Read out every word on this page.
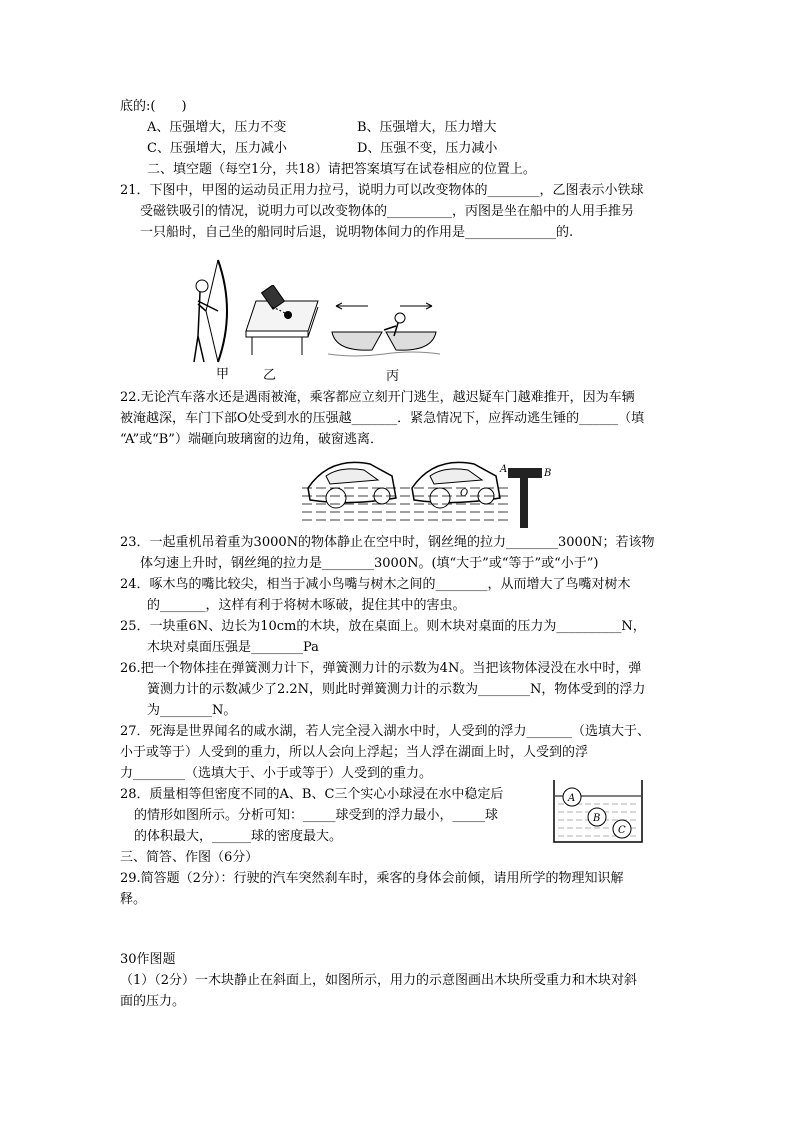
底的:(　　)
A、压强增大，压力不变	B、压强增大，压力增大
C、压强增大，压力减小	D、压强不变，压力减小
二、填空题（每空1分，共18）请把答案填写在试卷相应的位置上。
21．下图中，甲图的运动员正用力拉弓，说明力可以改变物体的________，乙图表示小铁球
受磁铁吸引的情况，说明力可以改变物体的__________，丙图是坐在船中的人用手推另
一只船时，自己坐的船同时后退，说明物体间力的作用是______________的.
甲	乙	丙
22.无论汽车落水还是遇雨被淹，乘客都应立刻开门逃生，越迟疑车门越难推开，因为车辆
被淹越深，车门下部O处受到水的压强越_______．紧急情况下，应挥动逃生锤的______（填
“A”或“B”）端砸向玻璃窗的边角，破窗逃离．
O
A	B
23．一起重机吊着重为3000N的物体静止在空中时，钢丝绳的拉力________3000N；若该物
体匀速上升时，钢丝绳的拉力是________3000N。(填“大于”或“等于”或“小于”)
24．啄木鸟的嘴比较尖，相当于减小鸟嘴与树木之间的________，从而增大了鸟嘴对树木
的_______，这样有利于将树木啄破，捉住其中的害虫。
25．一块重6N、边长为10cm的木块，放在桌面上。则木块对桌面的压力为__________N，
木块对桌面压强是________Pa
26.把一个物体挂在弹簧测力计下，弹簧测力计的示数为4N。当把该物体浸没在水中时，弹
簧测力计的示数减少了2.2N，则此时弹簧测力计的示数为________N，物体受到的浮力
为________N。
27．死海是世界闻名的咸水湖，若人完全浸入湖水中时，人受到的浮力_______（选填大于、
小于或等于）人受到的重力，所以人会向上浮起；当人浮在湖面上时，人受到的浮
力________（选填大于、小于或等于）人受到的重力。
28．质量相等但密度不同的A、B、C三个实心小球浸在水中稳定后
的情形如图所示。分析可知：_____球受到的浮力最小，_____球
的体积最大，______球的密度最大。
A
B
C
三、简答、作图（6分）
29.简答题（2分）：行驶的汽车突然刹车时，乘客的身体会前倾，请用所学的物理知识解
释。
30作图题
（1）（2分）一木块静止在斜面上，如图所示，用力的示意图画出木块所受重力和木块对斜
面的压力。
